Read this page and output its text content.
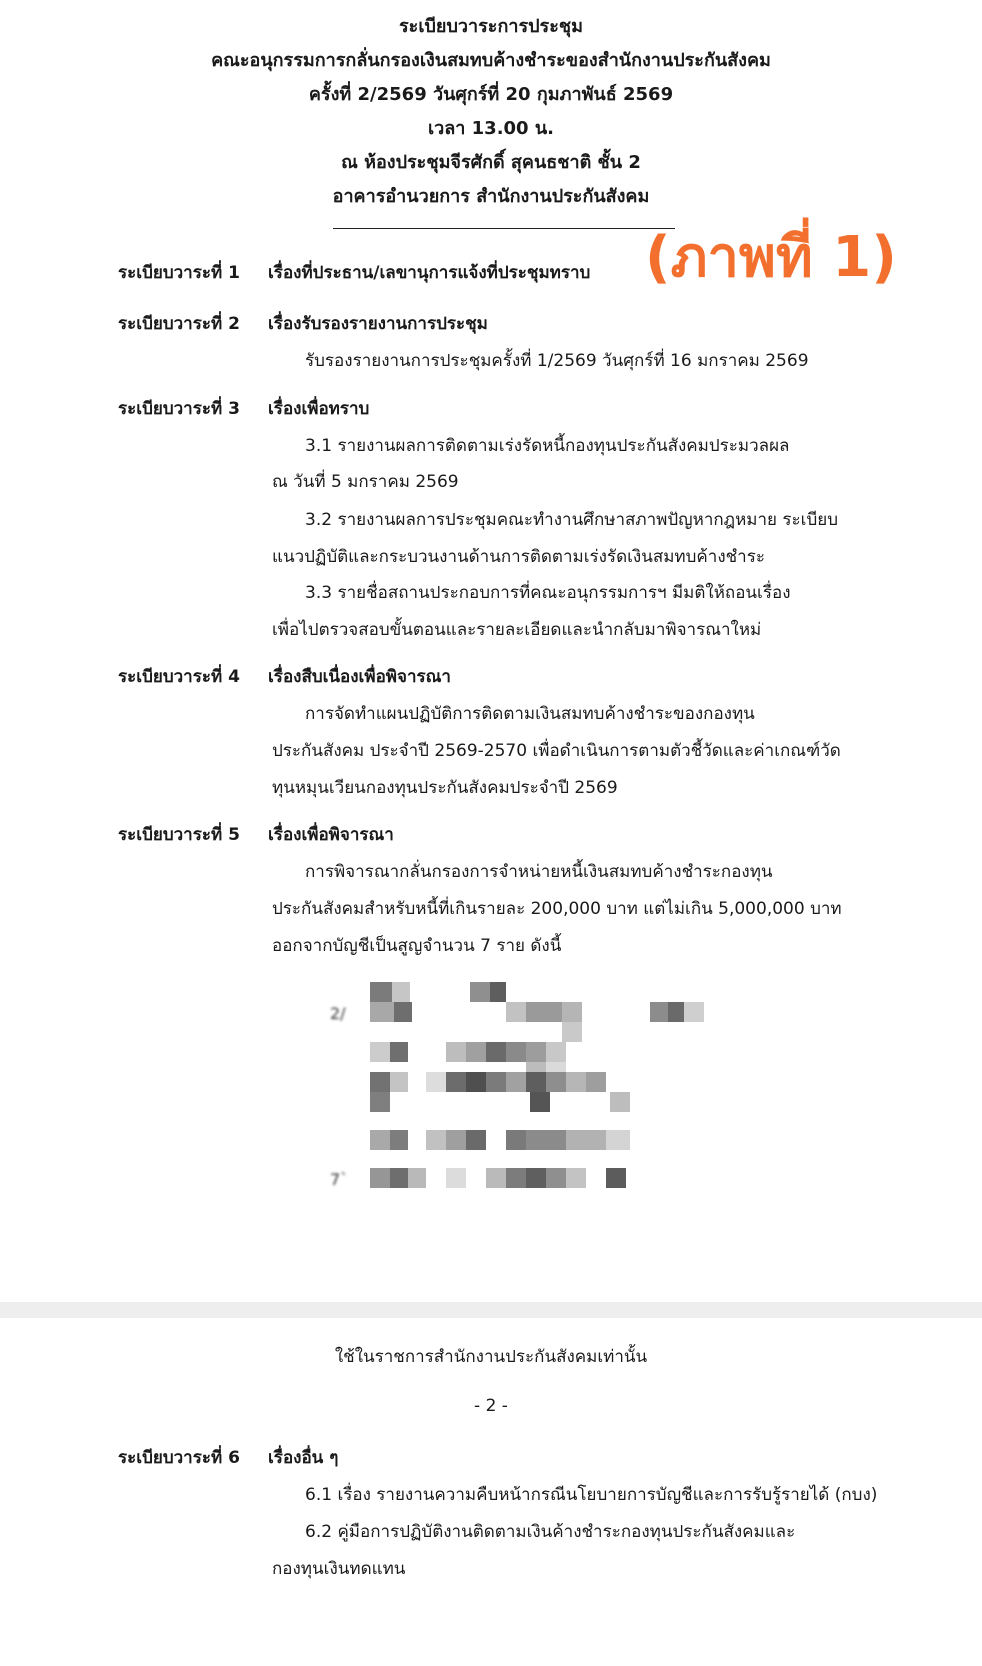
ระเบียบวาระการประชุม
คณะอนุกรรมการกลั่นกรองเงินสมทบค้างชำระของสำนักงานประกันสังคม
ครั้งที่ 2/2569 วันศุกร์ที่ 20 กุมภาพันธ์ 2569
เวลา 13.00 น.
ณ ห้องประชุมจีรศักดิ์ สุคนธชาติ ชั้น 2
อาคารอำนวยการ สำนักงานประกันสังคม
(ภาพที่ 1)
ระเบียบวาระที่ 1 เรื่องที่ประธาน/เลขานุการแจ้งที่ประชุมทราบ
ระเบียบวาระที่ 2 เรื่องรับรองรายงานการประชุม
รับรองรายงานการประชุมครั้งที่ 1/2569 วันศุกร์ที่ 16 มกราคม 2569
ระเบียบวาระที่ 3 เรื่องเพื่อทราบ
3.1 รายงานผลการติดตามเร่งรัดหนี้กองทุนประกันสังคมประมวลผล
ณ วันที่ 5 มกราคม 2569
3.2 รายงานผลการประชุมคณะทำงานศึกษาสภาพปัญหากฎหมาย ระเบียบ
แนวปฏิบัติและกระบวนงานด้านการติดตามเร่งรัดเงินสมทบค้างชำระ
3.3 รายชื่อสถานประกอบการที่คณะอนุกรรมการฯ มีมติให้ถอนเรื่อง
เพื่อไปตรวจสอบขั้นตอนและรายละเอียดและนำกลับมาพิจารณาใหม่
ระเบียบวาระที่ 4 เรื่องสืบเนื่องเพื่อพิจารณา
การจัดทำแผนปฏิบัติการติดตามเงินสมทบค้างชำระของกองทุน
ประกันสังคม ประจำปี 2569-2570 เพื่อดำเนินการตามตัวชี้วัดและค่าเกณฑ์วัด
ทุนหมุนเวียนกองทุนประกันสังคมประจำปี 2569
ระเบียบวาระที่ 5 เรื่องเพื่อพิจารณา
การพิจารณากลั่นกรองการจำหน่ายหนี้เงินสมทบค้างชำระกองทุน
ประกันสังคมสำหรับหนี้ที่เกินรายละ 200,000 บาท แต่ไม่เกิน 5,000,000 บาท
ออกจากบัญชีเป็นสูญจำนวน 7 ราย ดังนี้
2/
7`
ใช้ในราชการสำนักงานประกันสังคมเท่านั้น
- 2 -
ระเบียบวาระที่ 6 เรื่องอื่น ๆ
6.1 เรื่อง รายงานความคืบหน้ากรณีนโยบายการบัญชีและการรับรู้รายได้ (กบง)
6.2 คู่มือการปฏิบัติงานติดตามเงินค้างชำระกองทุนประกันสังคมและ
กองทุนเงินทดแทน
